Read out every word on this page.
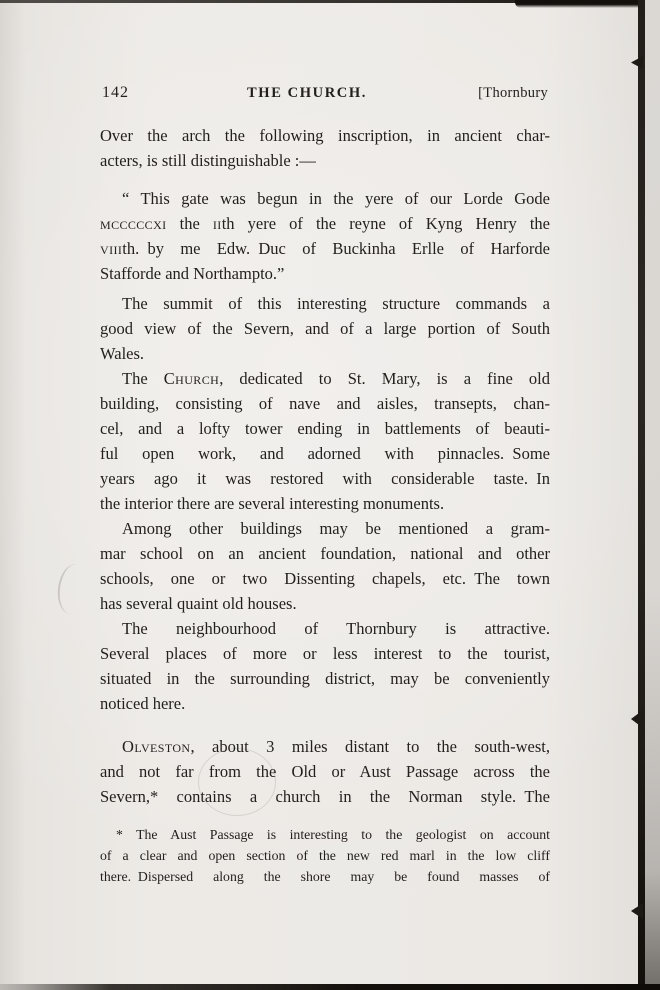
142	THE CHURCH.	[Thornbury
Over the arch the following inscription, in ancient char-
acters, is still distinguishable :—
“ This gate was begun in the yere of our Lorde Gode
mcccccxi the iith yere of the reyne of Kyng Henry the
viiith. by me Edw. Duc of Buckinha Erlle of Harforde
Stafforde and Northampto.”
The summit of this interesting structure commands a
good view of the Severn, and of a large portion of South
Wales.
The Church, dedicated to St. Mary, is a fine old
building, consisting of nave and aisles, transepts, chan-
cel, and a lofty tower ending in battlements of beauti-
ful open work, and adorned with pinnacles. Some
years ago it was restored with considerable taste. In
the interior there are several interesting monuments.
Among other buildings may be mentioned a gram-
mar school on an ancient foundation, national and other
schools, one or two Dissenting chapels, etc. The town
has several quaint old houses.
The neighbourhood of Thornbury is attractive.
Several places of more or less interest to the tourist,
situated in the surrounding district, may be conveniently
noticed here.
Olveston, about 3 miles distant to the south-west,
and not far from the Old or Aust Passage across the
Severn,* contains a church in the Norman style. The
* The Aust Passage is interesting to the geologist on account
of a clear and open section of the new red marl in the low cliff
there. Dispersed along the shore may be found masses of
